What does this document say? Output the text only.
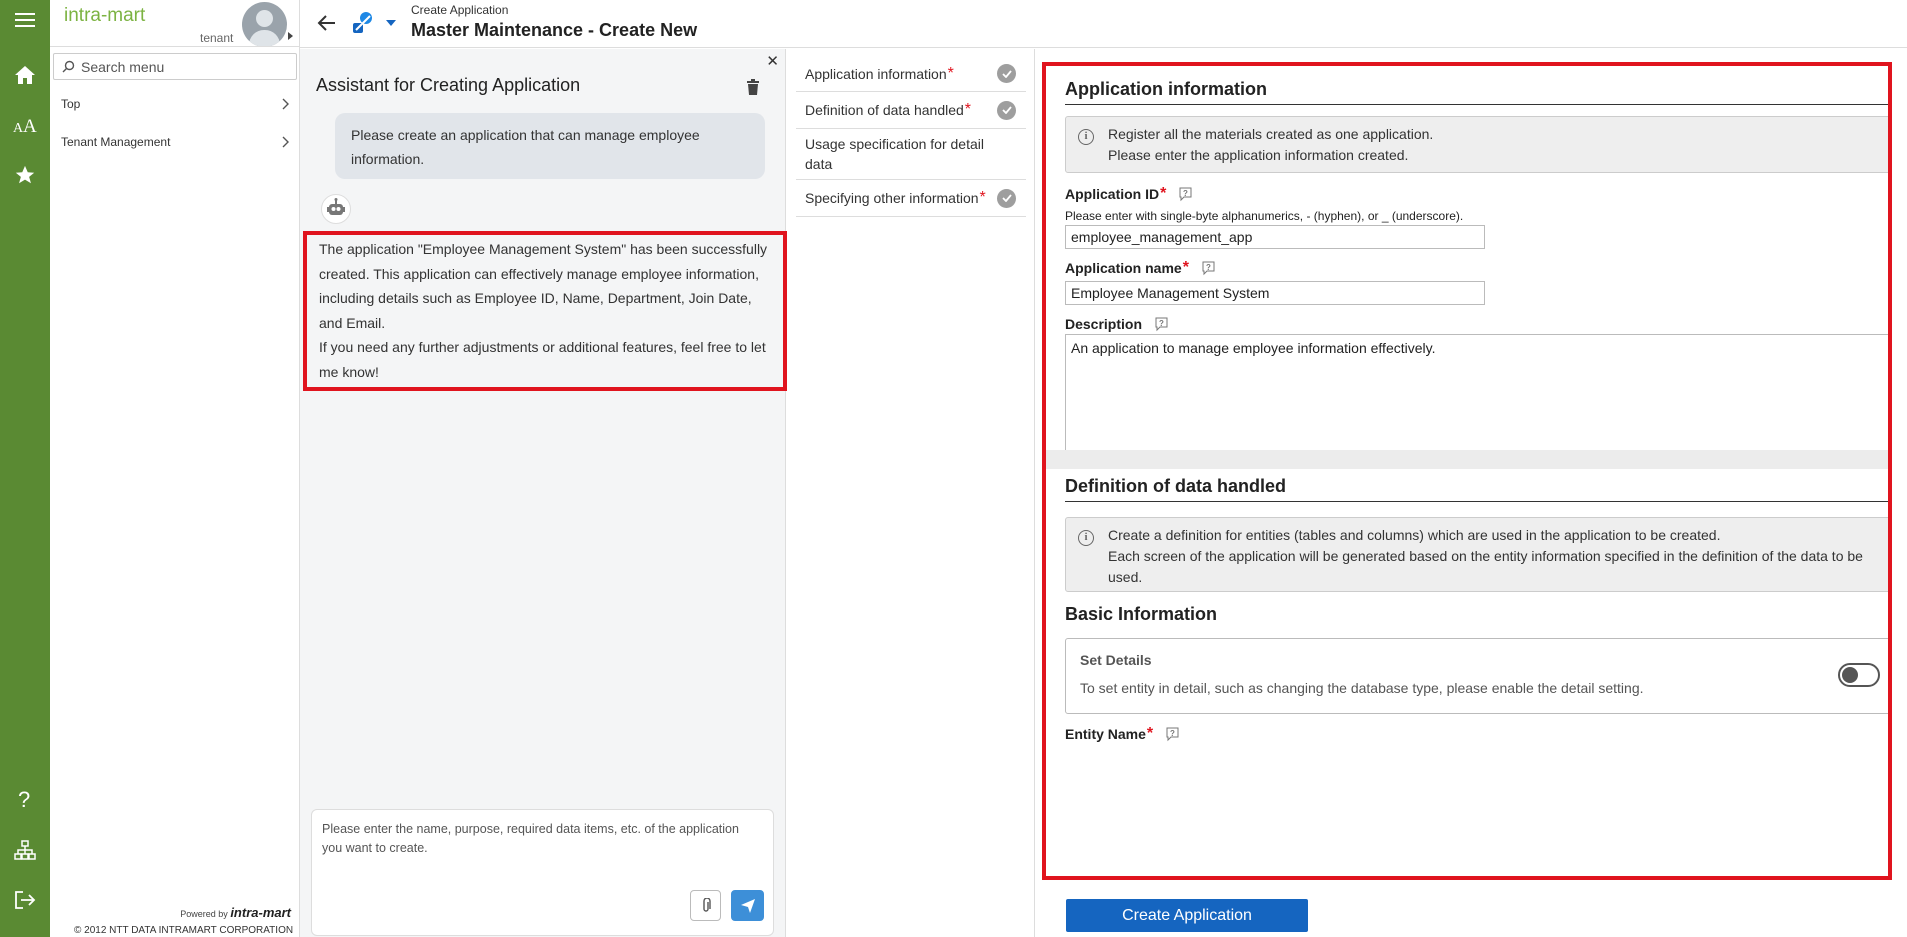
A A
?
intra-mart
tenant
Search menu
Top
Tenant Management
Powered by intra-mart
© 2012 NTT DATA INTRAMART CORPORATION
Create Application
Master Maintenance - Create New
✕
Assistant for Creating Application
Please create an application that can manage employee information.
The application "Employee Management System" has been successfully created. This application can effectively manage employee information, including details such as Employee ID, Name, Department, Join Date, and Email.
If you need any further adjustments or additional features, feel free to let me know!
Please enter the name, purpose, required data items, etc. of the application you want to create.
Application information *
Definition of data handled *
Usage specification for detail data
Specifying other information *
Application information
i	Register all the materials created as one application.
Please enter the application information created.
Application ID * ?
Please enter with single-byte alphanumerics, - (hyphen), or _ (underscore).
employee_management_app
Application name * ?
Employee Management System
Description ?
An application to manage employee information effectively.
Definition of data handled
i	Create a definition for entities (tables and columns) which are used in the application to be created.
Each screen of the application will be generated based on the entity information specified in the definition of the data to be used.
Basic Information
Set Details
To set entity in detail, such as changing the database type, please enable the detail setting.
Entity Name * ?
Create Application
